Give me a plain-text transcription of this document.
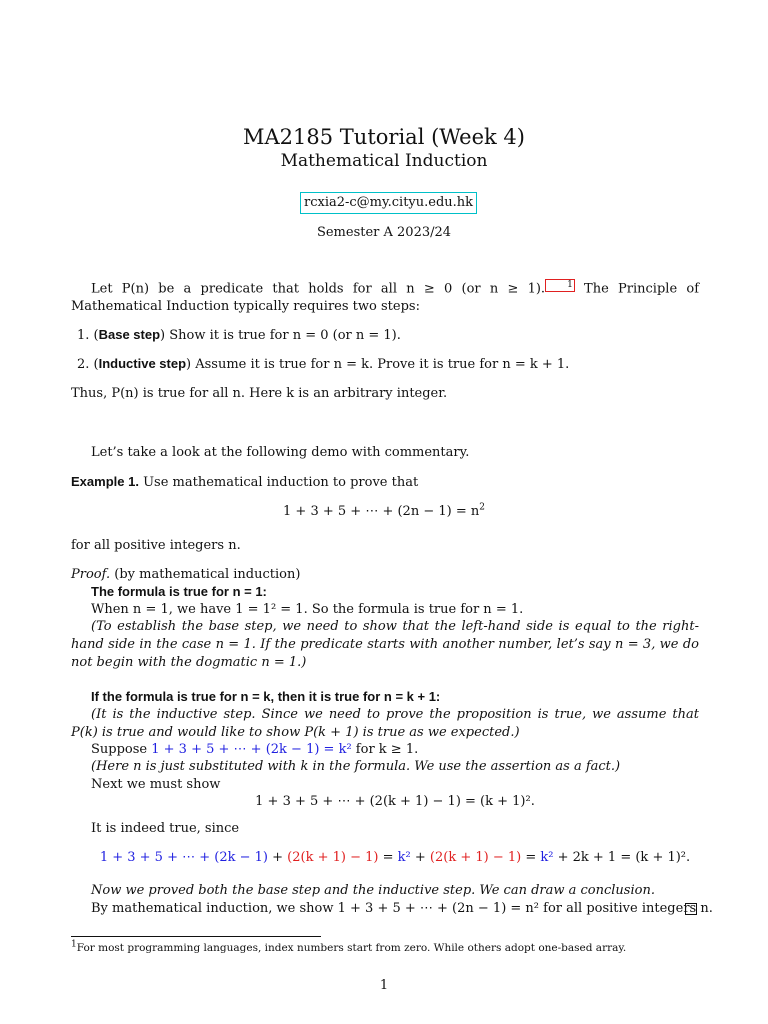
MA2185 Tutorial (Week 4)
Mathematical Induction
rcxia2-c@my.cityu.edu.hk
Semester A 2023/24
Let P(n) be a predicate that holds for all n ≥ 0 (or n ≥ 1). 1 The Principle of Mathematical Induction typically requires two steps:
1. (Base step) Show it is true for n = 0 (or n = 1).
2. (Inductive step) Assume it is true for n = k. Prove it is true for n = k + 1.
Thus, P(n) is true for all n. Here k is an arbitrary integer.
Let’s take a look at the following demo with commentary.
Example 1. Use mathematical induction to prove that
1 + 3 + 5 + ⋯ + $(2n - 1) = n^2$
for all positive integers n.
Proof. (by mathematical induction)
The formula is true for n = 1:
When n = 1, we have 1 = 1² = 1. So the formula is true for n = 1.
(To establish the base step, we need to show that the left-hand side is equal to the right-hand side in the case n = 1. If the predicate starts with another number, let’s say n = 3, we do not begin with the dogmatic n = 1.)
If the formula is true for n = k, then it is true for n = k + 1:
(It is the inductive step. Since we need to prove the proposition is true, we assume that P(k) is true and would like to show P(k + 1) is true as we expected.)
Suppose 1 + 3 + 5 + ⋯ + (2k − 1) = k² for k ≥ 1.
(Here n is just substituted with k in the formula. We use the assertion as a fact.)
Next we must show
1 + 3 + 5 + ⋯ + (2(k + 1) − 1) = (k + 1)².
It is indeed true, since
1 + 3 + 5 + ⋯ + (2k − 1) + (2(k + 1) − 1) = k² + (2(k + 1) − 1) = k² + 2k + 1 = (k + 1)².
Now we proved both the base step and the inductive step. We can draw a conclusion.
By mathematical induction, we show 1 + 3 + 5 + ⋯ + (2n − 1) = n² for all positive integers n.
$^1$For most programming languages, index numbers start from zero. While others adopt one-based array.
1
